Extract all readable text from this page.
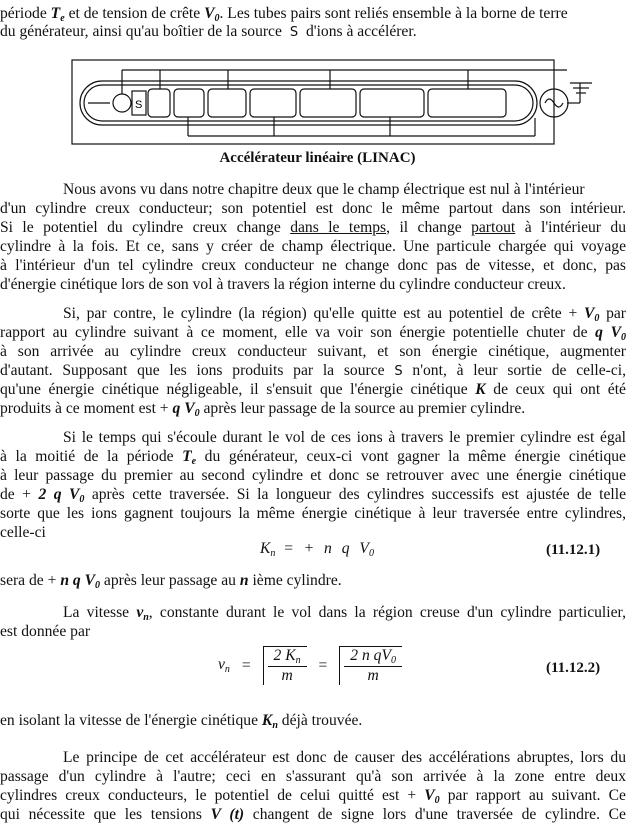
période $T_e$ et de tension de crête $V_0$. Les tubes pairs sont reliés ensemble à la borne de terre
du générateur, ainsi qu'au boîtier de la source S d'ions à accélérer.
S
Accélérateur linéaire (LINAC)
Nous avons vu dans notre chapitre deux que le champ électrique est nul à l'intérieur
d'un cylindre creux conducteur; son potentiel est donc le même partout dans son intérieur.
Si le potentiel du cylindre creux change dans le temps, il change partout à l'intérieur du
cylindre à la fois. Et ce, sans y créer de champ électrique. Une particule chargée qui voyage
à l'intérieur d'un tel cylindre creux conducteur ne change donc pas de vitesse, et donc, pas
d'énergie cinétique lors de son vol à travers la région interne du cylindre conducteur creux.
Si, par contre, le cylindre (la région) qu'elle quitte est au potentiel de crête + $V_0$ par
rapport au cylindre suivant à ce moment, elle va voir son énergie potentielle chuter de q $V_0$
à son arrivée au cylindre creux conducteur suivant, et son énergie cinétique, augmenter
d'autant. Supposant que les ions produits par la source S n'ont, à leur sortie de celle-ci,
qu'une énergie cinétique négligeable, il s'ensuit que l'énergie cinétique K de ceux qui ont été
produits à ce moment est + q $V_0$ après leur passage de la source au premier cylindre.
Si le temps qui s'écoule durant le vol de ces ions à travers le premier cylindre est égal
à la moitié de la période $T_e$ du générateur, ceux-ci vont gagner la même énergie cinétique
à leur passage du premier au second cylindre et donc se retrouver avec une énergie cinétique
de + 2 q $V_0$ après cette traversée. Si la longueur des cylindres successifs est ajustée de telle
sorte que les ions gagnent toujours la même énergie cinétique à leur traversée entre cylindres,
celle-ci
$K_n$ = + n q $V_0$	(11.12.1)
sera de + n q $V_0$ après leur passage au n ième cylindre.
La vitesse $v_n$, constante durant le vol dans la région creuse d'un cylindre particulier,
est donnée par
$v_n = \frac{2 K_n}{m} = \frac{2 n qV_0}{m}$	(11.12.2)
en isolant la vitesse de l'énergie cinétique $K_n$ déjà trouvée.
Le principe de cet accélérateur est donc de causer des accélérations abruptes, lors du
passage d'un cylindre à l'autre; ceci en s'assurant qu'à son arrivée à la zone entre deux
cylindres creux conducteurs, le potentiel de celui quitté est + $V_0$ par rapport au suivant. Ce
qui nécessite que les tensions V (t) changent de signe lors d'une traversée de cylindre. Ce
